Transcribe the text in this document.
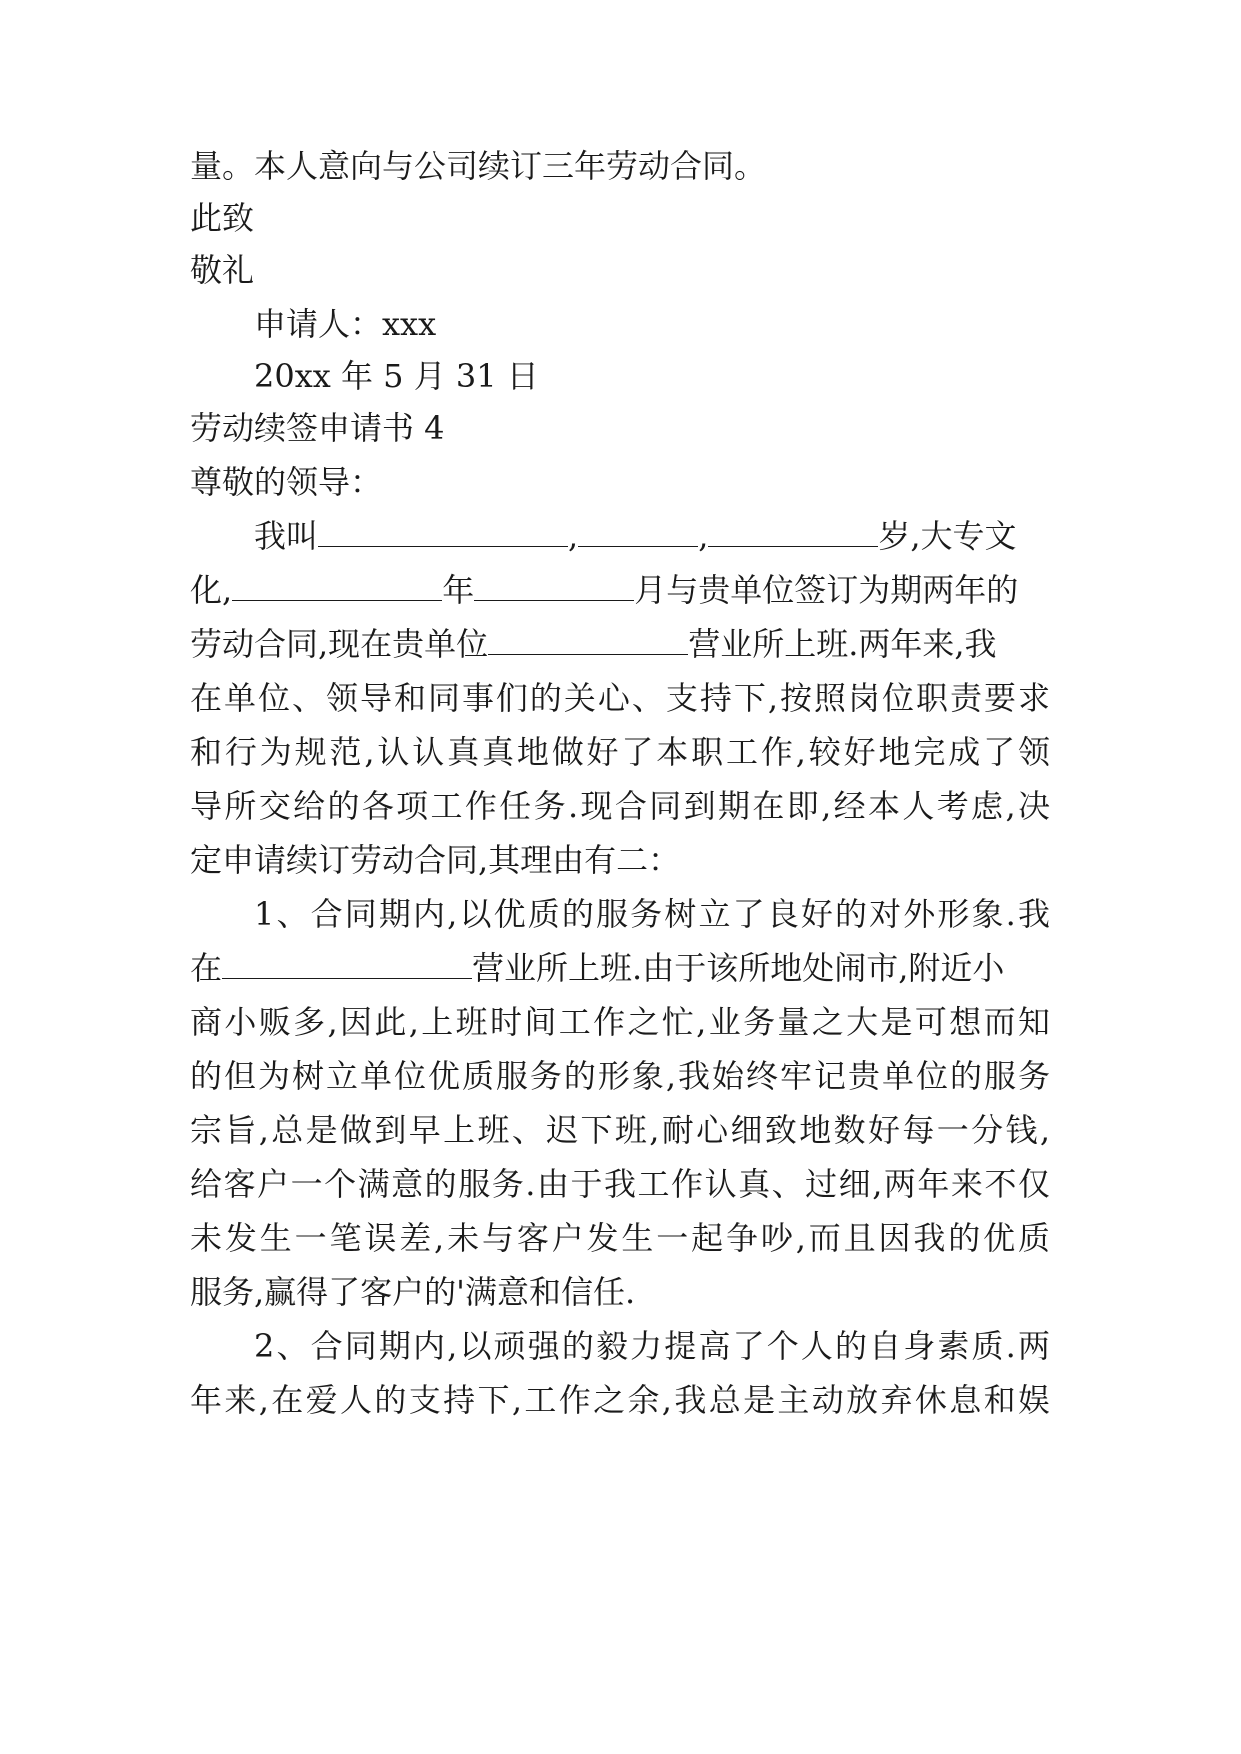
量。本人意向与公司续订三年劳动合同。
此致
敬礼
申请人：xxx
20xx 年 5 月 31 日
劳动续签申请书 4
尊敬的领导：
我叫	,	,	岁,大专文
化,	年	月与贵单位签订为期两年的
劳动合同,现在贵单位	营业所上班.两年来,我
在单位、领导和同事们的关心、支持下,按照岗位职责要求
和行为规范,认认真真地做好了本职工作,较好地完成了领
导所交给的各项工作任务.现合同到期在即,经本人考虑,决
定申请续订劳动合同,其理由有二：
1、合同期内,以优质的服务树立了良好的对外形象.我
在	营业所上班.由于该所地处闹市,附近小
商小贩多,因此,上班时间工作之忙,业务量之大是可想而知
的但为树立单位优质服务的形象,我始终牢记贵单位的服务
宗旨,总是做到早上班、迟下班,耐心细致地数好每一分钱,
给客户一个满意的服务.由于我工作认真、过细,两年来不仅
未发生一笔误差,未与客户发生一起争吵,而且因我的优质
服务,赢得了客户的'满意和信任.
2、合同期内,以顽强的毅力提高了个人的自身素质.两
年来,在爱人的支持下,工作之余,我总是主动放弃休息和娱
